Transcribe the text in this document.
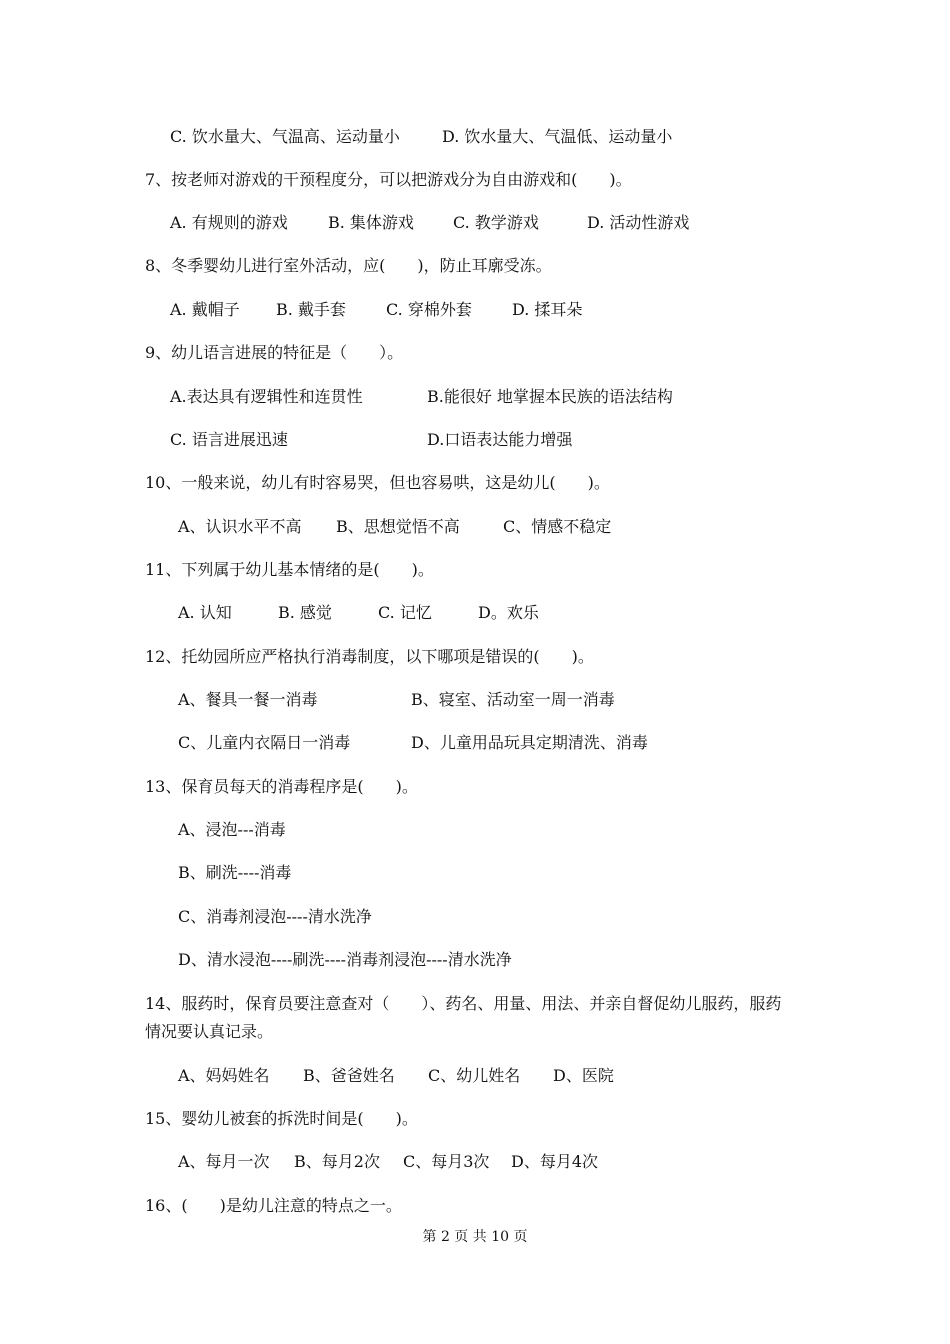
C. 饮水量大、气温高、运动量小

	D. 饮水量大、气温低、运动量小

7、按老师对游戏的干预程度分，可以把游戏分为自由游戏和(　　)。

A. 有规则的游戏

	B. 集体游戏

C. 教学游戏

	D. 活动性游戏

8、冬季婴幼儿进行室外活动，应(　　)，防止耳廓受冻。

A. 戴帽子

B. 戴手套

	C. 穿棉外套

	D. 揉耳朵

9、幼儿语言进展的特征是（　　）。

A.表达具有逻辑性和连贯性

	B.能很好 地掌握本民族的语法结构

C. 语言进展迅速

	D.口语表达能力增强

10、一般来说，幼儿有时容易哭，但也容易哄，这是幼儿(　　)。

A、认识水平不高

B、思想觉悟不高

	C、情感不稳定

11、下列属于幼儿基本情绪的是(　　)。

A. 认知

	B. 感觉

	C. 记忆

	D。欢乐

12、托幼园所应严格执行消毒制度，以下哪项是错误的(　　)。

A、餐具一餐一消毒

	B、寝室、活动室一周一消毒

C、儿童内衣隔日一消毒

	D、儿童用品玩具定期清洗、消毒

13、保育员每天的消毒程序是(　　)。
A、浸泡---消毒
B、刷洗----消毒
C、消毒剂浸泡----清水洗净
D、清水浸泡----刷洗----消毒剂浸泡----清水洗净
14、服药时，保育员要注意查对（　　）、药名、用量、用法、并亲自督促幼儿服药，服药
情况要认真记录。

A、妈妈姓名

B、爸爸姓名

C、幼儿姓名

D、医院

15、婴幼儿被套的拆洗时间是(　　)。

A、每月一次

B、每月2次

C、每月3次

D、每月4次

16、(　　)是幼儿注意的特点之一。
第 2 页 共 10 页
